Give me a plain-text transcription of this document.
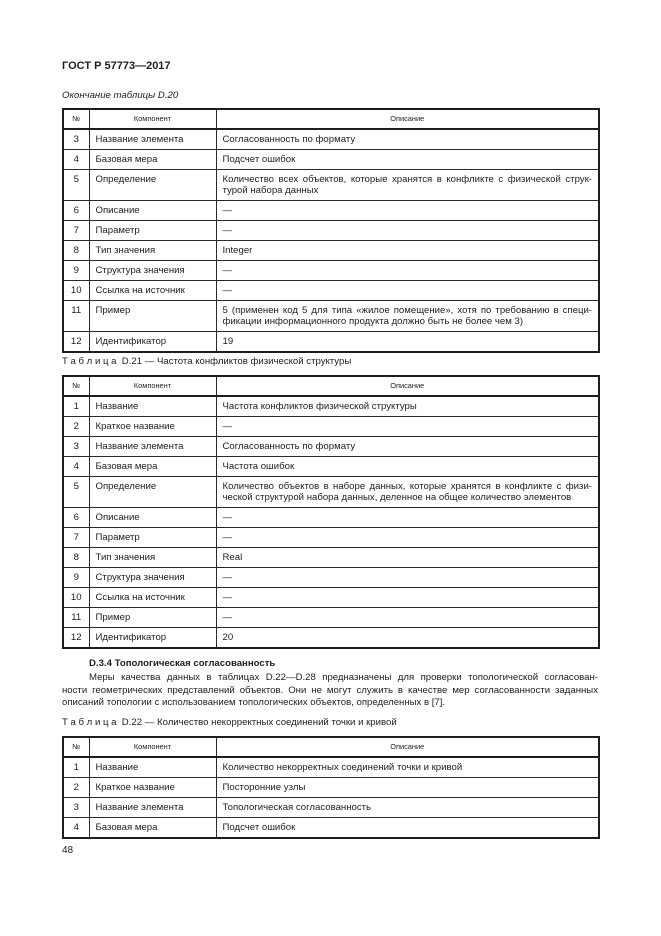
ГОСТ Р 57773—2017
Окончание таблицы D.20
№	Компонент	Описание
3	Название элемента	Согласованность по формату

4	Базовая мера	Подсчет ошибок

5	Определение	Количество всех объектов, которые хранятся в конфликте с физической струк-
турой набора данных

6	Описание	—

7	Параметр	—

8	Тип значения	Integer

9	Структура значения	—

10	Ссылка на источник	—

11	Пример	5 (применен код 5 для типа «жилое помещение», хотя по требованию в специ-
фикации информационного продукта должно быть не более чем 3)

12	Идентификатор	19
Т а б л и ц а  D.21 — Частота конфликтов физической структуры
№	Компонент	Описание
1	Название	Частота конфликтов физической структуры

2	Краткое название	—

3	Название элемента	Согласованность по формату

4	Базовая мера	Частота ошибок

5	Определение	Количество объектов в наборе данных, которые хранятся в конфликте с физи-
ческой структурой набора данных, деленное на общее количество элементов

6	Описание	—

7	Параметр	—

8	Тип значения	Real

9	Структура значения	—

10	Ссылка на источник	—

11	Пример	—

12	Идентификатор	20
D.3.4 Топологическая согласованность
Меры качества данных в таблицах D.22—D.28 предназначены для проверки топологической согласован-
ности геометрических представлений объектов. Они не могут служить в качестве мер согласованности заданных
описаний топологии с использованием топологических объектов, определенных в [7].
Т а б л и ц а  D.22 — Количество некорректных соединений точки и кривой
№	Компонент	Описание
1	Название	Количество некорректных соединений точки и кривой

2	Краткое название	Посторонние узлы

3	Название элемента	Топологическая согласованность

4	Базовая мера	Подсчет ошибок
48
